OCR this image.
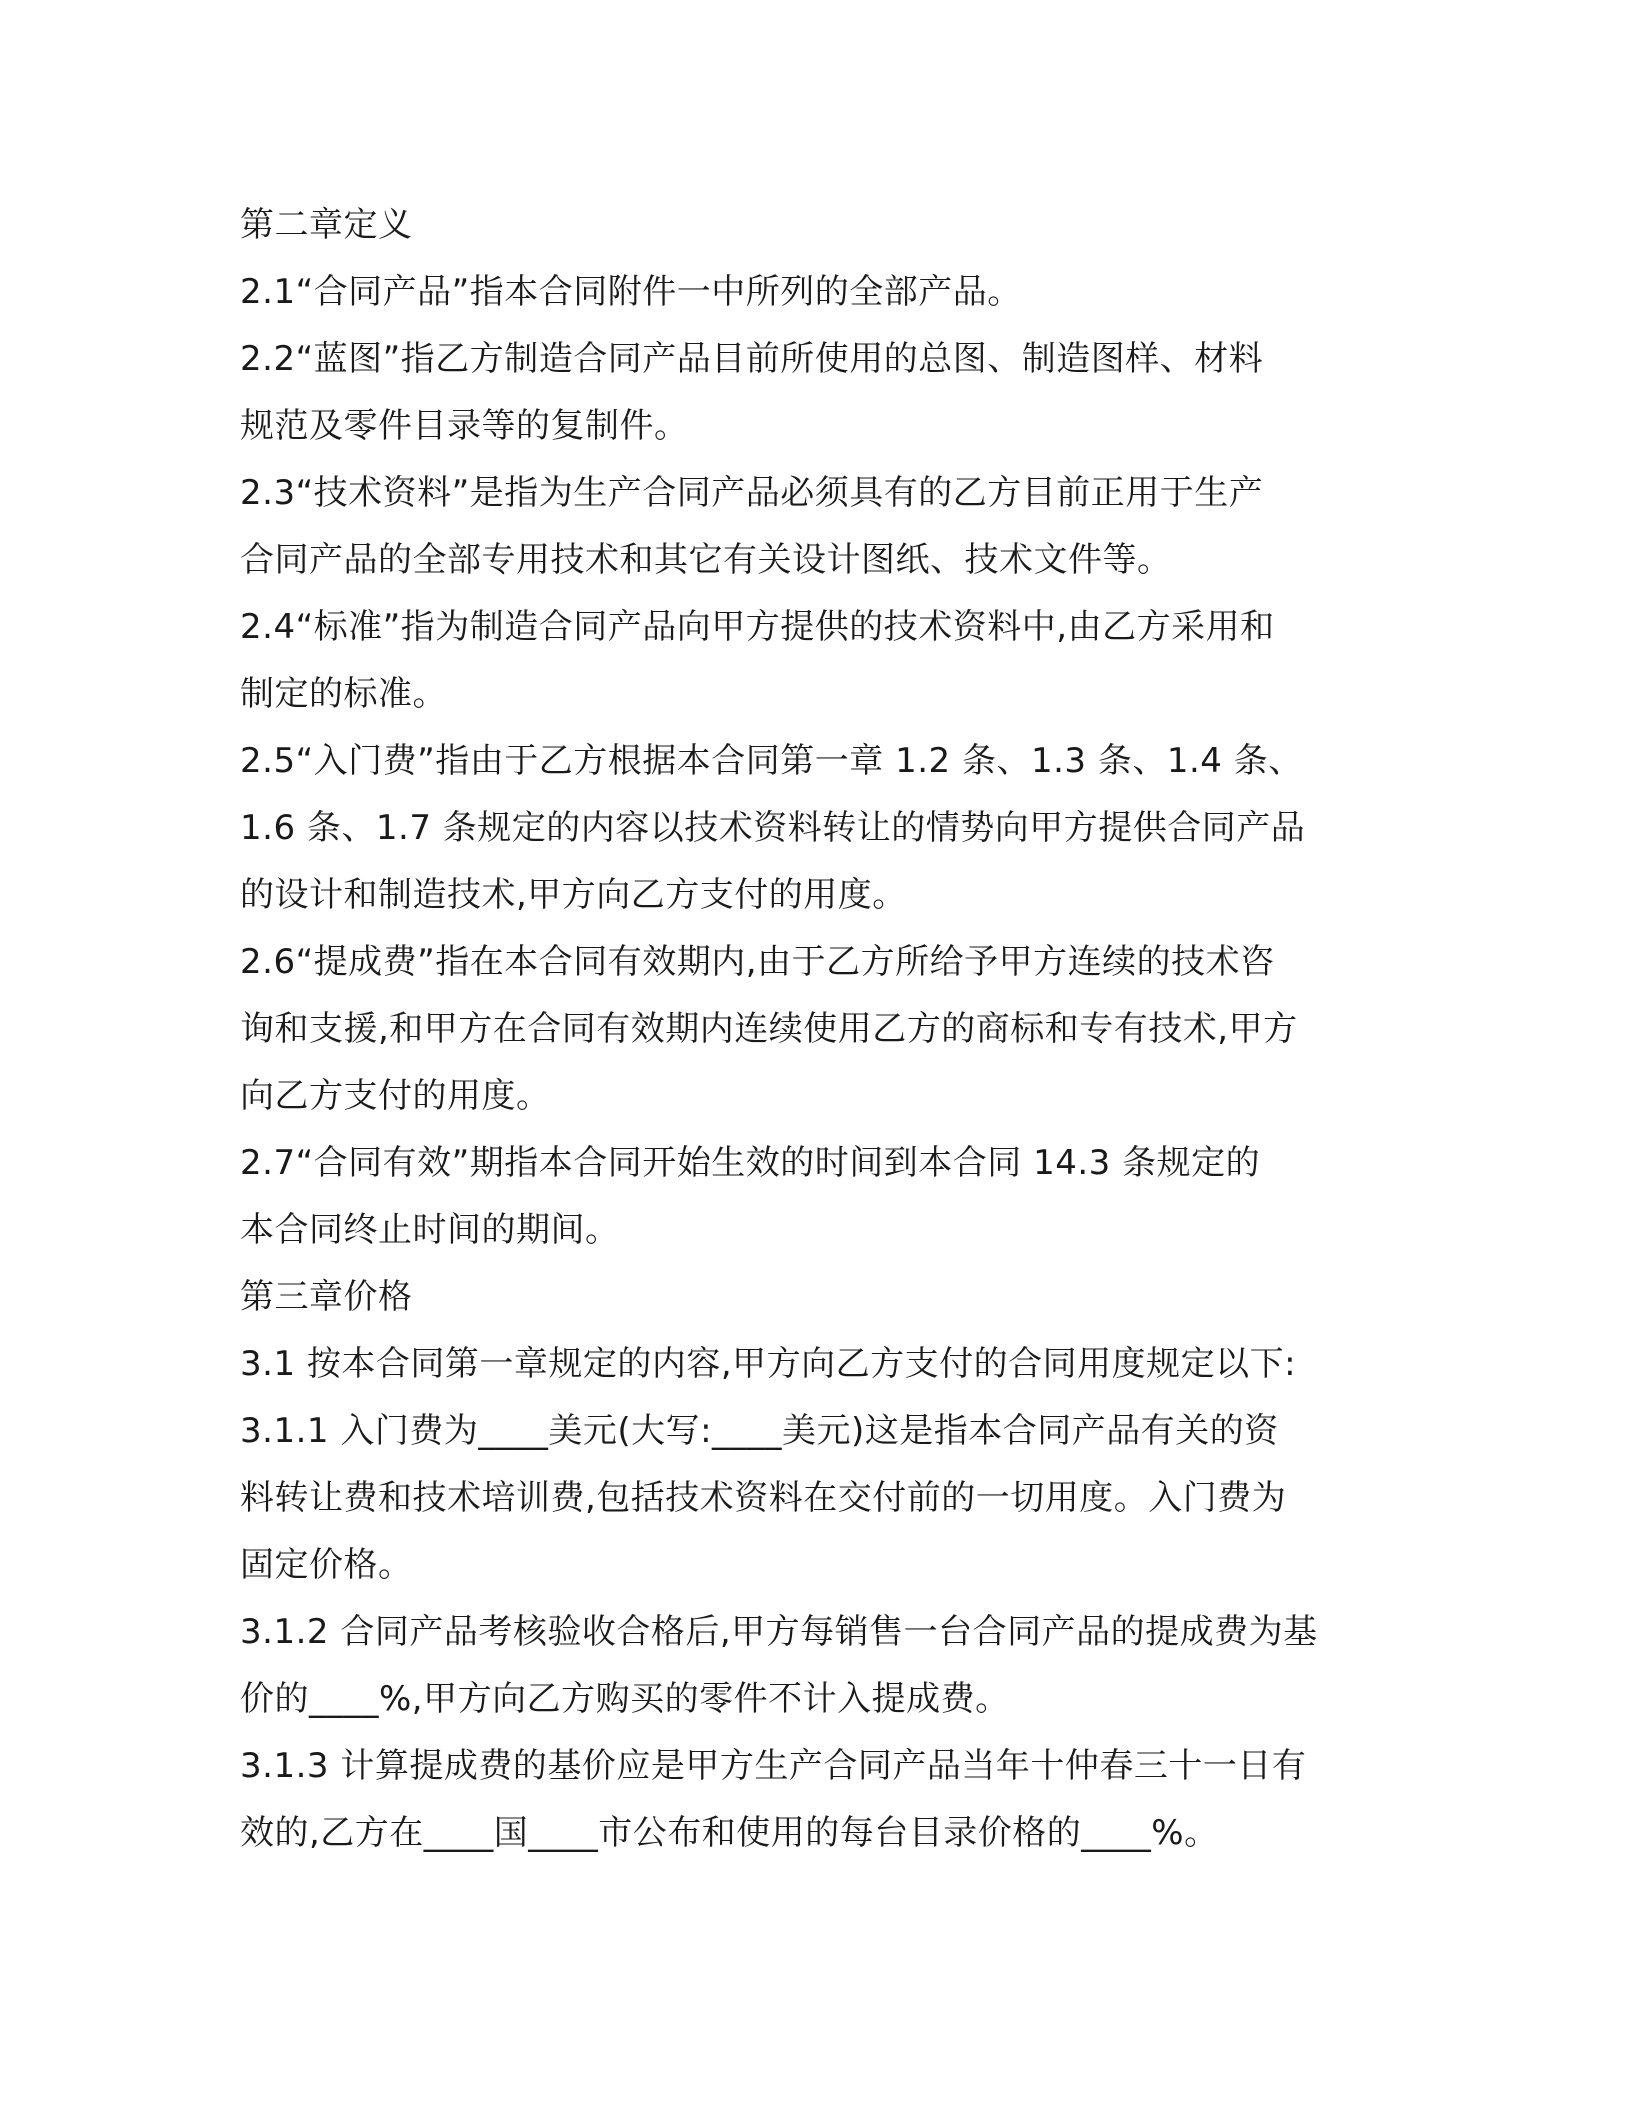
第二章定义

2.1“合同产品”指本合同附件一中所列的全部产品。

2.2“蓝图”指乙方制造合同产品目前所使用的总图、制造图样、材料
规范及零件目录等的复制件。

2.3“技术资料”是指为生产合同产品必须具有的乙方目前正用于生产
合同产品的全部专用技术和其它有关设计图纸、技术文件等。

2.4“标准”指为制造合同产品向甲方提供的技术资料中,由乙方采用和
制定的标准。

2.5“入门费”指由于乙方根据本合同第一章 1.2 条、1.3 条、1.4 条、
1.6 条、1.7 条规定的内容以技术资料转让的情势向甲方提供合同产品
的设计和制造技术,甲方向乙方支付的用度。

2.6“提成费”指在本合同有效期内,由于乙方所给予甲方连续的技术咨
询和支援,和甲方在合同有效期内连续使用乙方的商标和专有技术,甲方
向乙方支付的用度。

2.7“合同有效”期指本合同开始生效的时间到本合同 14.3 条规定的
本合同终止时间的期间。

第三章价格

3.1 按本合同第一章规定的内容,甲方向乙方支付的合同用度规定以下:

3.1.1 入门费为____美元(大写:____美元)这是指本合同产品有关的资
料转让费和技术培训费,包括技术资料在交付前的一切用度。入门费为
固定价格。

3.1.2 合同产品考核验收合格后,甲方每销售一台合同产品的提成费为基
价的____%,甲方向乙方购买的零件不计入提成费。

3.1.3 计算提成费的基价应是甲方生产合同产品当年十仲春三十一日有
效的,乙方在____国____市公布和使用的每台目录价格的____%。
